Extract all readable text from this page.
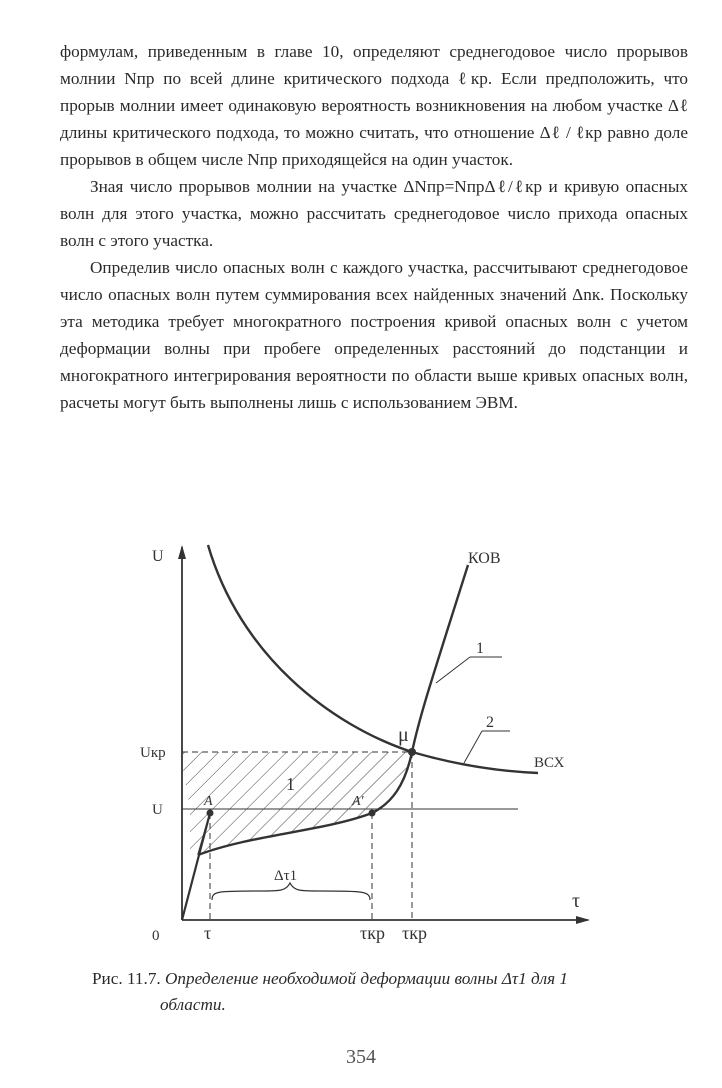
формулам, приведенным в главе 10, определяют среднегодовое число прорывов молнии Nпр по всей длине критического подхода ℓкр. Если предположить, что прорыв молнии имеет одинаковую вероятность возникновения на любом участке Δℓ длины критического подхода, то можно считать, что отношение Δℓ / ℓкр равно доле прорывов в общем числе Nпр приходящейся на один участок.

Зная число прорывов молнии на участке ΔNпр=NпрΔℓ/ℓкр и кривую опасных волн для этого участка, можно рассчитать среднегодовое число прихода опасных волн с этого участка.

Определив число опасных волн с каждого участка, рассчитывают среднегодовое число опасных волн путем суммирования всех найденных значений Δnк. Поскольку эта методика требует многократного построения кривой опасных волн с учетом деформации волны при пробеге определенных расстояний до подстанции и многократного интегрирования вероятности по области выше кривых опасных волн, расчеты могут быть выполнены лишь с использованием ЭВМ.

U
Uкр
U
0
τ
КОВ
ВСХ
1
2
1
μ
A	A'
Δτ1
τ	τкр τкр
Рис. 11.7. Определение необходимой деформации волны Δτ1 для 1
области.
354
